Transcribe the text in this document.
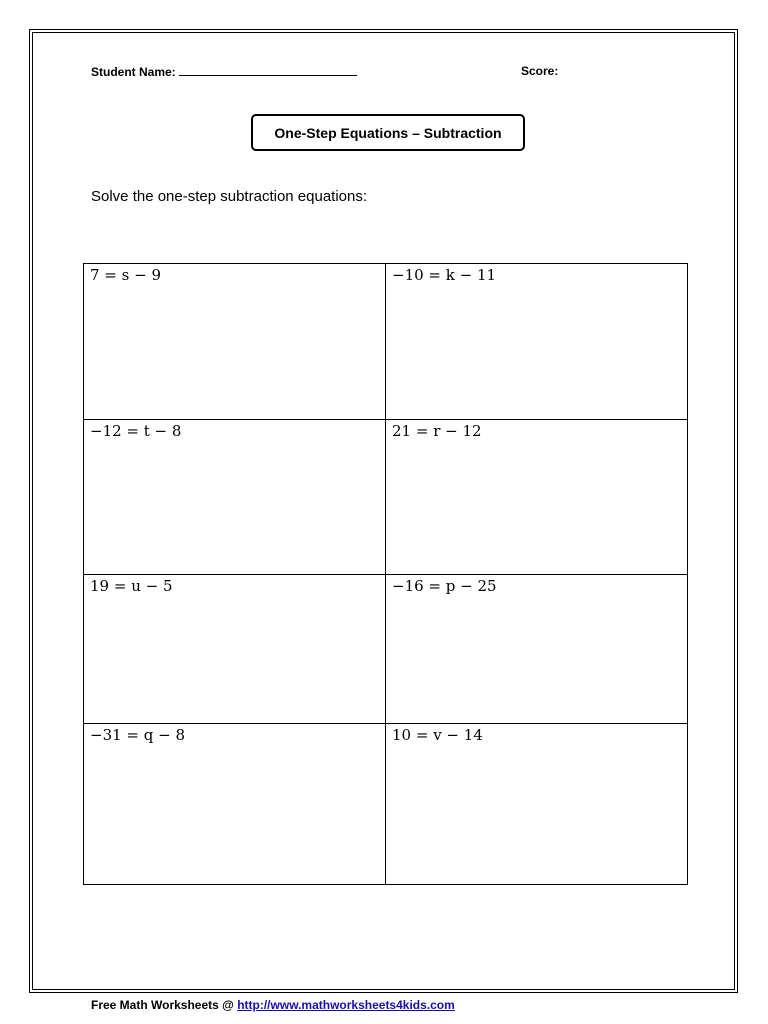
Student Name:	Score:
One-Step Equations – Subtraction
Solve the one-step subtraction equations:
7 = s − 9	−10 = k − 11
−12 = t − 8	21 = r − 12
19 = u − 5	−16 = p − 25
−31 = q − 8	10 = v − 14
Free Math Worksheets @ http://www.mathworksheets4kids.com
